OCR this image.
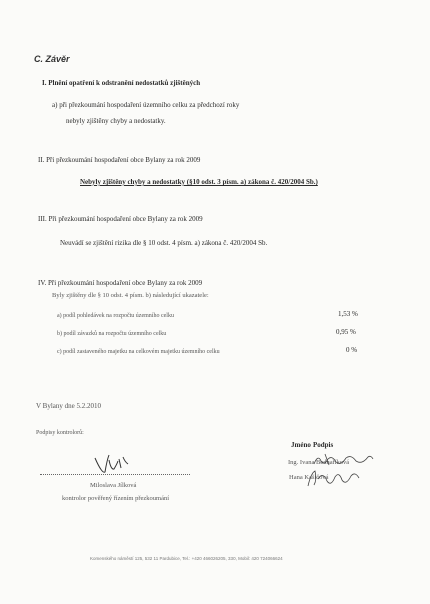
C. Závěr
I. Plnění opatření k odstranění nedostatků zjištěných
a) při přezkoumání hospodaření územního celku za předchozí roky
nebyly zjištěny chyby a nedostatky.
II. Při přezkoumání hospodaření obce Bylany za rok 2009
Nebyly zjištěny chyby a nedostatky (§10 odst. 3 písm. a) zákona č. 420/2004 Sb.)
III. Při přezkoumání hospodaření obce Bylany za rok 2009
Neuvádí se zjištění rizika dle § 10 odst. 4 písm. a) zákona č. 420/2004 Sb.
IV. Při přezkoumání hospodaření obce Bylany za rok 2009
Byly zjištěny dle § 10 odst. 4 písm. b) následující ukazatele:
a) podíl pohledávek na rozpočtu územního celku	1,53 %
b) podíl závazků na rozpočtu územního celku	0,95 %
c) podíl zastaveného majetku na celkovém majetku územního celku	0 %
V Bylany dne 5.2.2010
Podpisy kontrolorů:
Jméno Podpis
Ing. Ivana Bednaříková
Hana Kašičová
Miloslava Jílková
kontrolor pověřený řízením přezkoumání
Komenského náměstí 125, 532 11 Pardubice, Tel.: +420 466026205, 330, Mobil: 420 724066624
